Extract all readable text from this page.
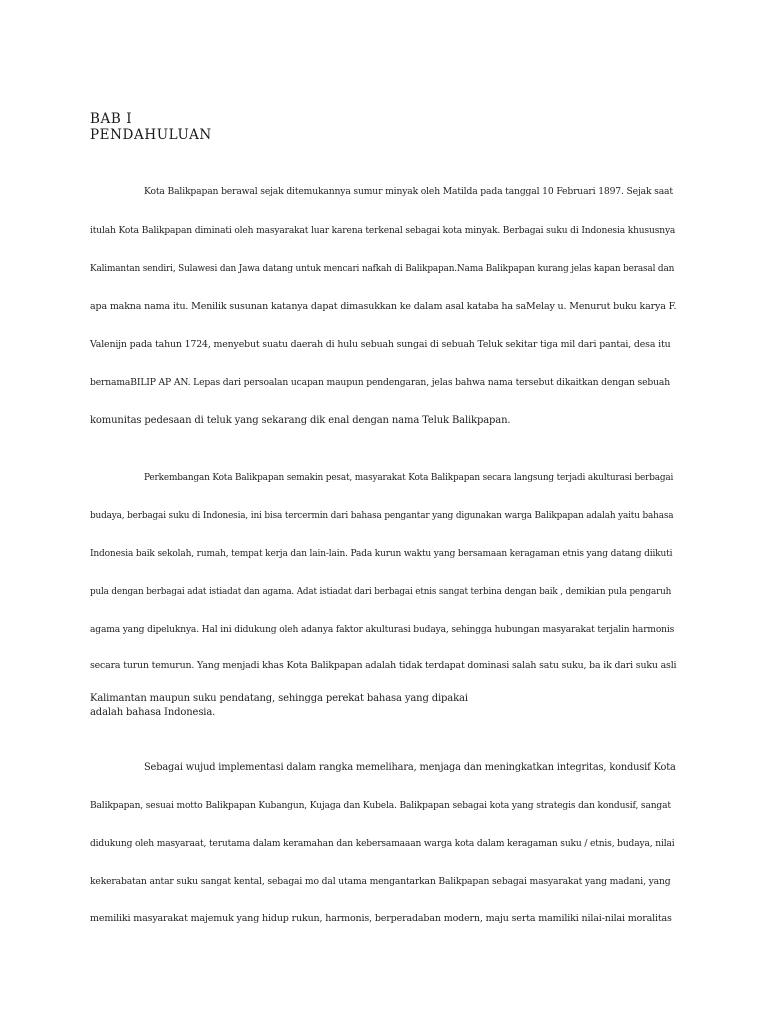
BAB I
PENDAHULUAN
Kota Balikpapan berawal sejak ditemukannya sumur minyak oleh Matilda pada tanggal 10 Februari 1897. Sejak saat
itulah Kota Balikpapan diminati oleh masyarakat luar karena terkenal sebagai kota minyak. Berbagai suku di Indonesia khususnya
Kalimantan sendiri, Sulawesi dan Jawa datang untuk mencari nafkah di Balikpapan.Nama Balikpapan kurang jelas kapan berasal dan
apa makna nama itu. Menilik susunan katanya dapat dimasukkan ke dalam asal kataba ha saMelay u. Menurut buku karya F.
Valenijn pada tahun 1724, menyebut suatu daerah di hulu sebuah sungai di sebuah Teluk sekitar tiga mil dari pantai, desa itu
bernamaBILIP AP AN. Lepas dari persoalan ucapan maupun pendengaran, jelas bahwa nama tersebut dikaitkan dengan sebuah
komunitas pedesaan di teluk yang sekarang dik enal dengan nama Teluk Balikpapan.
Perkembangan Kota Balikpapan semakin pesat, masyarakat Kota Balikpapan secara langsung terjadi akulturasi berbagai
budaya, berbagai suku di Indonesia, ini bisa tercermin dari bahasa pengantar yang digunakan warga Balikpapan adalah yaitu bahasa
Indonesia baik sekolah, rumah, tempat kerja dan lain-lain. Pada kurun waktu yang bersamaan keragaman etnis yang datang diikuti
pula dengan berbagai adat istiadat dan agama. Adat istiadat dari berbagai etnis sangat terbina dengan baik , demikian pula pengaruh
agama yang dipeluknya. Hal ini didukung oleh adanya faktor akulturasi budaya, sehingga hubungan masyarakat terjalin harmonis
secara turun temurun. Yang menjadi khas Kota Balikpapan adalah tidak terdapat dominasi salah satu suku, ba ik dari suku asli
Kalimantan maupun suku pendatang, sehingga perekat bahasa yang dipakai
adalah bahasa Indonesia.
Sebagai wujud implementasi dalam rangka memelihara, menjaga dan meningkatkan integritas, kondusif Kota
Balikpapan, sesuai motto Balikpapan Kubangun, Kujaga dan Kubela. Balikpapan sebagai kota yang strategis dan kondusif, sangat
didukung oleh masyaraat, terutama dalam keramahan dan kebersamaaan warga kota dalam keragaman suku / etnis, budaya, nilai
kekerabatan antar suku sangat kental, sebagai mo dal utama mengantarkan Balikpapan sebagai masyarakat yang madani, yang
memiliki masyarakat majemuk yang hidup rukun, harmonis, berperadaban modern, maju serta mamiliki nilai-nilai moralitas
